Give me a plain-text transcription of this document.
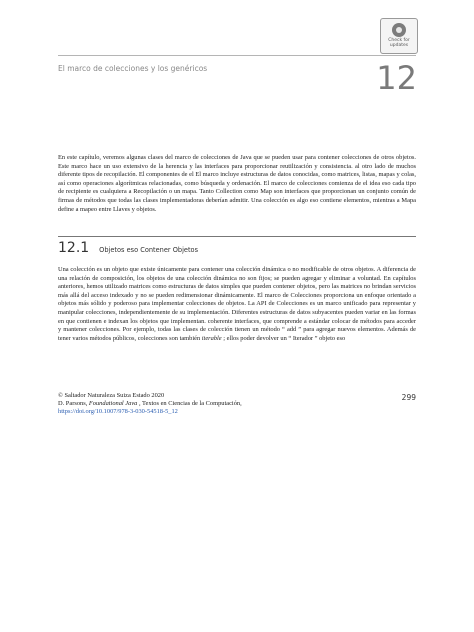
Check for
updates
El marco de colecciones y los genéricos	12

En este capítulo, veremos algunas clases del marco de colecciones de Java que se pueden usar para contener colecciones de otros objetos. Este marco hace un uso extensivo de la herencia y las interfaces para proporcionar reutilización y consistencia. al otro lado de muchos diferente tipos de recopilación. El componentes de el El marco incluye estructuras de datos conocidas, como matrices, listas, mapas y colas, así como operaciones algorítmicas relacionadas, como búsqueda y ordenación. El marco de colecciones comienza de el idea eso cada tipo de recipiente es cualquiera a Recopilación o un mapa. Tanto Collection como Map son interfaces que proporcionan un conjunto común de firmas de métodos que todas las clases implementadoras deberían admitir. Una colección es algo eso contiene elementos, mientras a Mapa define a mapeo entre Llaves y objetos.

12.1 Objetos eso Contener Objetos

Una colección es un objeto que existe únicamente para contener una colección dinámica o no modificable de otros objetos. A diferencia de una relación de composición, los objetos de una colección dinámica no son fijos; se pueden agregar y eliminar a voluntad. En capítulos anteriores, hemos utilizado matrices como estructuras de datos simples que pueden contener objetos, pero las matrices no brindan servicios más allá del acceso indexado y no se pueden redimensionar dinámicamente. El marco de Colecciones proporciona un enfoque orientado a objetos más sólido y poderoso para implementar colecciones de objetos. La API de Colecciones es un marco unificado para representar y manipular colecciones, independientemente de su implementación. Diferentes estructuras de datos subyacentes pueden variar en las formas en que contienen e indexan los objetos que implementan. coherente interfaces, que comprende a estándar colocar de métodos para acceder y mantener colecciones. Por ejemplo, todas las clases de colección tienen un método “ add ” para agregar nuevos elementos. Además de tener varios métodos públicos, colecciones son también iterable ; ellos poder devolver un “ Iterador ” objeto eso

© Saltador Naturaleza Suiza Estado 2020
D. Parsons, Foundational Java , Textos en Ciencias de la Computación,
https://doi.org/10.1007/978-3-030-54518-5_12
299
